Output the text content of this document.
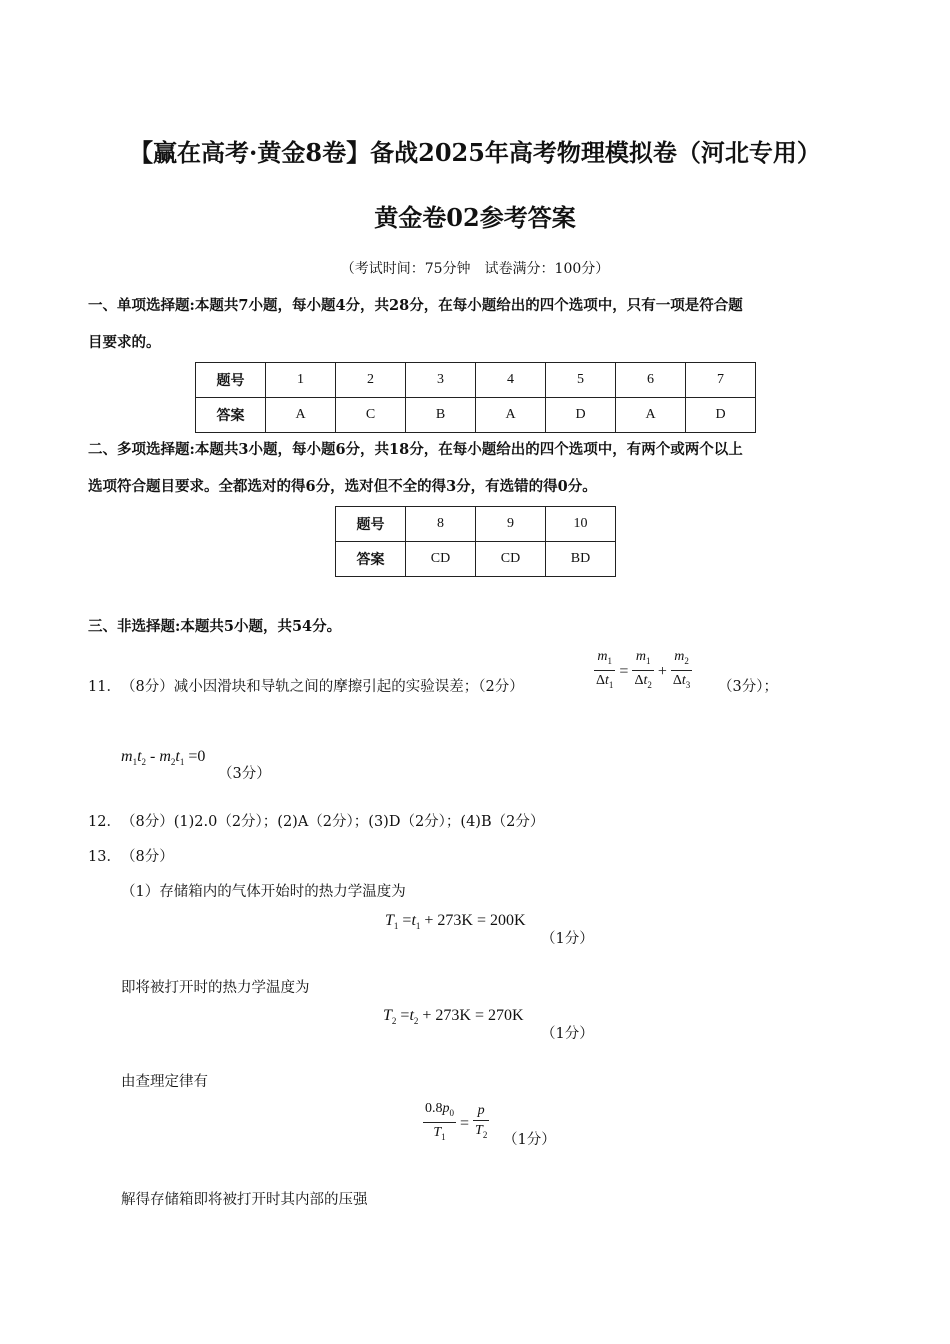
【赢在高考·黄金8卷】备战2025年高考物理模拟卷（河北专用）
黄金卷02参考答案
（考试时间：75分钟　试卷满分：100分）
一、单项选择题:本题共7小题，每小题4分，共28分，在每小题给出的四个选项中，只有一项是符合题
目要求的。
题号	1	2	3	4	5	6	7
答案	A	C	B	A	D	A	D
二、多项选择题:本题共3小题，每小题6分，共18分，在每小题给出的四个选项中，有两个或两个以上
选项符合题目要求。全都选对的得6分，选对但不全的得3分，有选错的得0分。
题号	8	9	10
答案	CD	CD	BD
三、非选择题:本题共5小题，共54分。
11． （8分）减小因滑块和导轨之间的摩擦引起的实验误差；（2分）	$\frac{m_1}{\Delta t_1} = \frac{m_1}{\Delta t_2} + \frac{m_2}{\Delta t_3} (3$分）；
$m_1t_2 - m_2t_1 =0$
（3分）
12． （8分）(1)2.0（2分）；(2)A（2分）；(3)D（2分）；(4)B（2分）
13． （8分）
（1）存储箱内的气体开始时的热力学温度为
$T_1 =t_1 + 273K = 200K$
（1分）
即将被打开时的热力学温度为
$T_2 =t_2 + 273K = 270K$
（1分）
由查理定律有
$\frac{0.8p_0}{T_1} = \frac{p}{T_2} (1$分）
解得存储箱即将被打开时其内部的压强
